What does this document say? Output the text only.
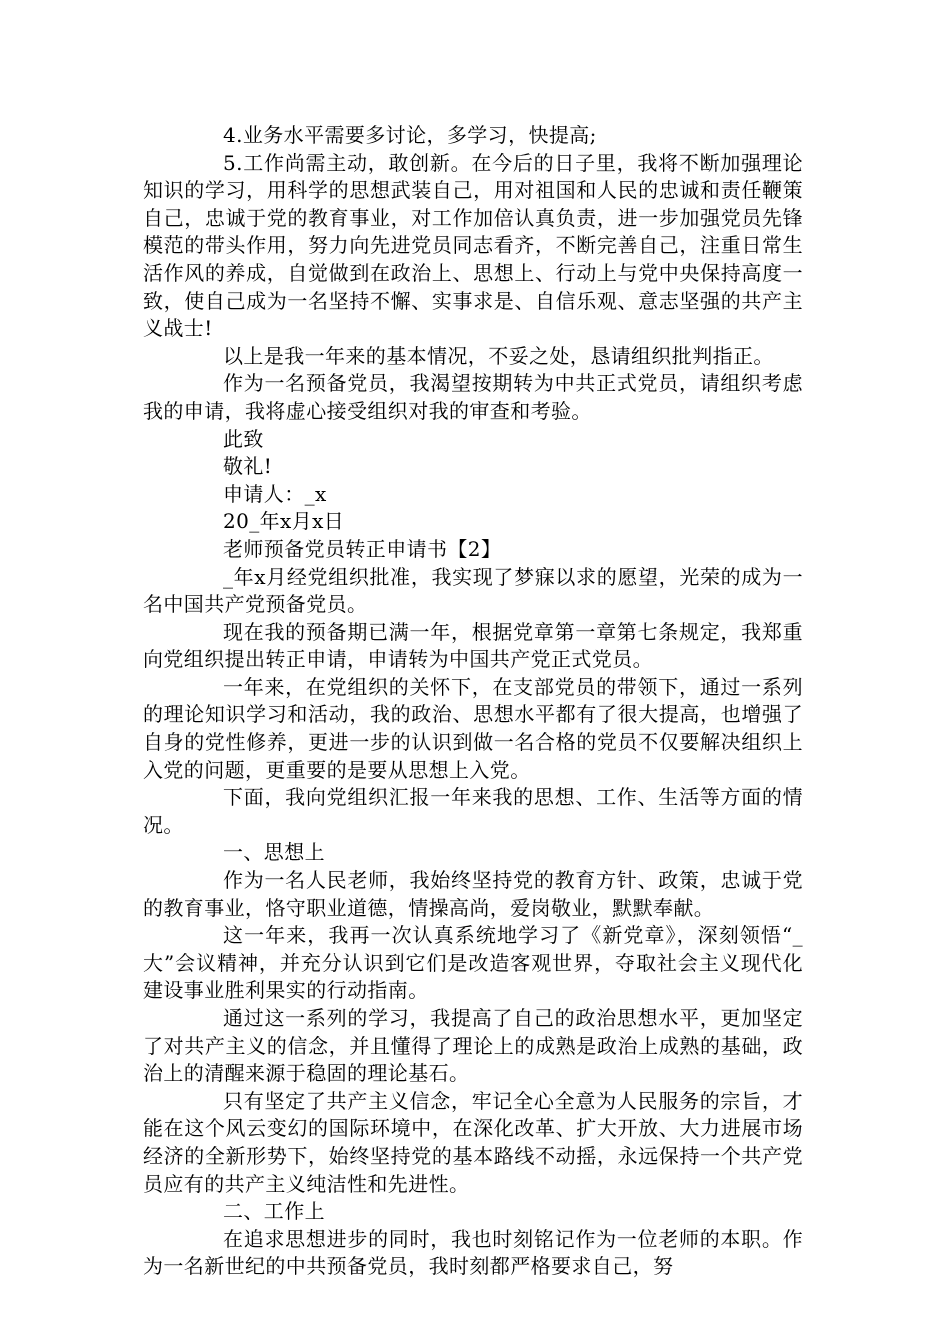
4.业务水平需要多讨论，多学习，快提高;

5.工作尚需主动，敢创新。在今后的日子里，我将不断加强理论知识的学习，用科学的思想武装自己，用对祖国和人民的忠诚和责任鞭策自己，忠诚于党的教育事业，对工作加倍认真负责，进一步加强党员先锋模范的带头作用，努力向先进党员同志看齐，不断完善自己，注重日常生活作风的养成，自觉做到在政治上、思想上、行动上与党中央保持高度一致，使自己成为一名坚持不懈、实事求是、自信乐观、意志坚强的共产主义战士!

以上是我一年来的基本情况，不妥之处，恳请组织批判指正。

作为一名预备党员，我渴望按期转为中共正式党员，请组织考虑我的申请，我将虚心接受组织对我的审查和考验。

此致

敬礼!

申请人：_x

20_年x月x日

老师预备党员转正申请书【2】

_年x月经党组织批准，我实现了梦寐以求的愿望，光荣的成为一名中国共产党预备党员。

现在我的预备期已满一年，根据党章第一章第七条规定，我郑重向党组织提出转正申请，申请转为中国共产党正式党员。

一年来，在党组织的关怀下，在支部党员的带领下，通过一系列的理论知识学习和活动，我的政治、思想水平都有了很大提高，也增强了自身的党性修养，更进一步的认识到做一名合格的党员不仅要解决组织上入党的问题，更重要的是要从思想上入党。

下面，我向党组织汇报一年来我的思想、工作、生活等方面的情况。

一、思想上

作为一名人民老师，我始终坚持党的教育方针、政策，忠诚于党的教育事业，恪守职业道德，情操高尚，爱岗敬业，默默奉献。

这一年来，我再一次认真系统地学习了《新党章》，深刻领悟“_大”会议精神，并充分认识到它们是改造客观世界，夺取社会主义现代化建设事业胜利果实的行动指南。

通过这一系列的学习，我提高了自己的政治思想水平，更加坚定了对共产主义的信念，并且懂得了理论上的成熟是政治上成熟的基础，政治上的清醒来源于稳固的理论基石。

只有坚定了共产主义信念，牢记全心全意为人民服务的宗旨，才能在这个风云变幻的国际环境中，在深化改革、扩大开放、大力进展市场经济的全新形势下，始终坚持党的基本路线不动摇，永远保持一个共产党员应有的共产主义纯洁性和先进性。

二、工作上

在追求思想进步的同时，我也时刻铭记作为一位老师的本职。作为一名新世纪的中共预备党员，我时刻都严格要求自己，努
